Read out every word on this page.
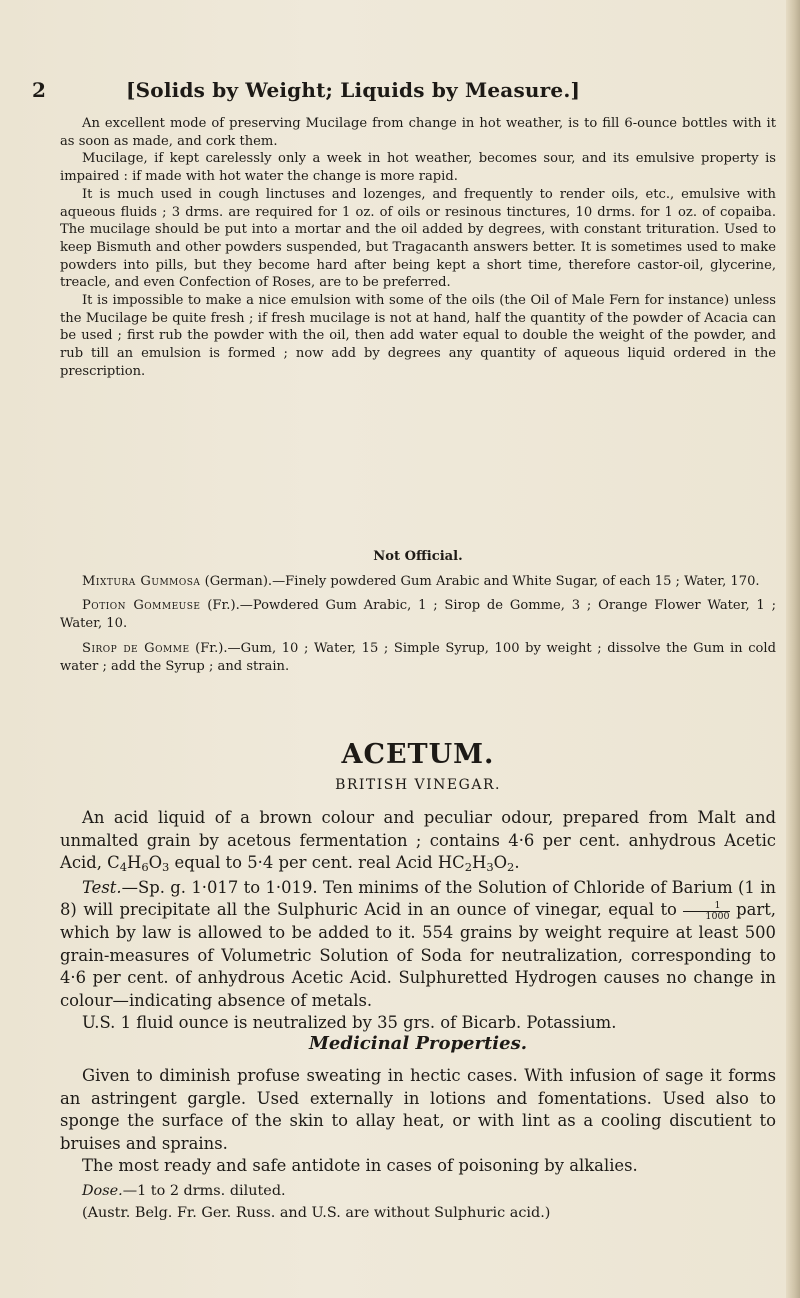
2	[Solids by Weight; Liquids by Measure.]

An excellent mode of preserving Mucilage from change in hot weather, is to fill 6-ounce bottles with it as soon as made, and cork them.

Mucilage, if kept carelessly only a week in hot weather, becomes sour, and its emulsive property is impaired : if made with hot water the change is more rapid.

It is much used in cough linctuses and lozenges, and frequently to render oils, etc., emulsive with aqueous fluids ; 3 drms. are required for 1 oz. of oils or resinous tinctures, 10 drms. for 1 oz. of copaiba. The mucilage should be put into a mortar and the oil added by degrees, with constant trituration. Used to keep Bismuth and other powders suspended, but Tragacanth answers better. It is sometimes used to make powders into pills, but they become hard after being kept a short time, therefore castor-oil, glycerine, treacle, and even Confection of Roses, are to be preferred.

It is impossible to make a nice emulsion with some of the oils (the Oil of Male Fern for instance) unless the Mucilage be quite fresh ; if fresh mucilage is not at hand, half the quantity of the powder of Acacia can be used ; first rub the powder with the oil, then add water equal to double the weight of the powder, and rub till an emulsion is formed ; now add by degrees any quantity of aqueous liquid ordered in the prescription.

Not Official.

Mixtura Gummosa (German).—Finely powdered Gum Arabic and White Sugar, of each 15 ; Water, 170.

Potion Gommeuse (Fr.).—Powdered Gum Arabic, 1 ; Sirop de Gomme, 3 ; Orange Flower Water, 1 ; Water, 10.

Sirop de Gomme (Fr.).—Gum, 10 ; Water, 15 ; Simple Syrup, 100 by weight ; dissolve the Gum in cold water ; add the Syrup ; and strain.

ACETUM.
BRITISH VINEGAR.

An acid liquid of a brown colour and peculiar odour, prepared from Malt and unmalted grain by acetous fermentation ; contains 4·6 per cent. anhydrous Acetic Acid, $C_4H_6O_3$ equal to 5·4 per cent. real Acid $HC_2H_3O_2$.

Test.—Sp. g. 1·017 to 1·019. Ten minims of the Solution of Chloride of Barium (1 in 8) will precipitate all the Sulphuric Acid in an ounce of vinegar, equal to $\frac{1}{1000}$ part, which by law is allowed to be added to it. 554 grains by weight require at least 500 grain-measures of Volumetric Solution of Soda for neutralization, corresponding to 4·6 per cent. of anhydrous Acetic Acid. Sulphuretted Hydrogen causes no change in colour—indicating absence of metals.

U.S. 1 fluid ounce is neutralized by 35 grs. of Bicarb. Potassium.

Medicinal Properties.

Given to diminish profuse sweating in hectic cases. With infusion of sage it forms an astringent gargle. Used externally in lotions and fomentations. Used also to sponge the surface of the skin to allay heat, or with lint as a cooling discutient to bruises and sprains.

The most ready and safe antidote in cases of poisoning by alkalies.

Dose.—1 to 2 drms. diluted.

(Austr. Belg. Fr. Ger. Russ. and U.S. are without Sulphuric acid.)
